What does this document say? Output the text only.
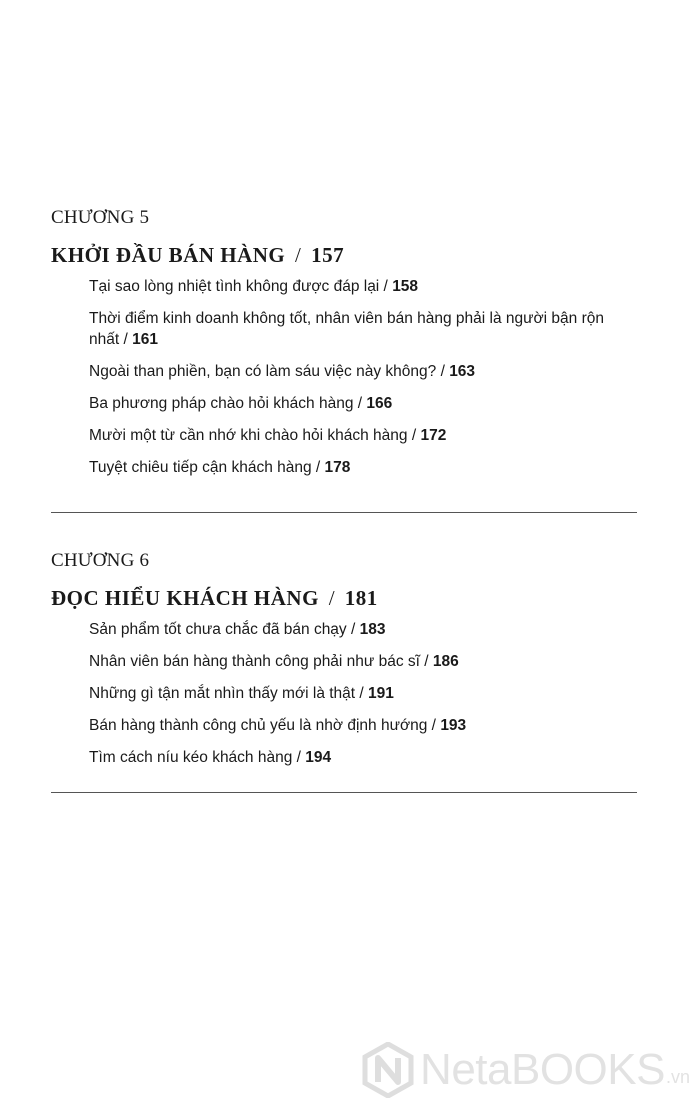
CHƯƠNG 5
KHỞI ĐẦU BÁN HÀNG / 157
Tại sao lòng nhiệt tình không được đáp lại / 158
Thời điểm kinh doanh không tốt, nhân viên bán hàng phải là người bận rộn nhất / 161
Ngoài than phiền, bạn có làm sáu việc này không? / 163
Ba phương pháp chào hỏi khách hàng / 166
Mười một từ cần nhớ khi chào hỏi khách hàng / 172
Tuyệt chiêu tiếp cận khách hàng / 178
CHƯƠNG 6
ĐỌC HIỂU KHÁCH HÀNG / 181
Sản phẩm tốt chưa chắc đã bán chạy / 183
Nhân viên bán hàng thành công phải như bác sĩ / 186
Những gì tận mắt nhìn thấy mới là thật / 191
Bán hàng thành công chủ yếu là nhờ định hướng / 193
Tìm cách níu kéo khách hàng / 194
NetaBOOKS .vn
